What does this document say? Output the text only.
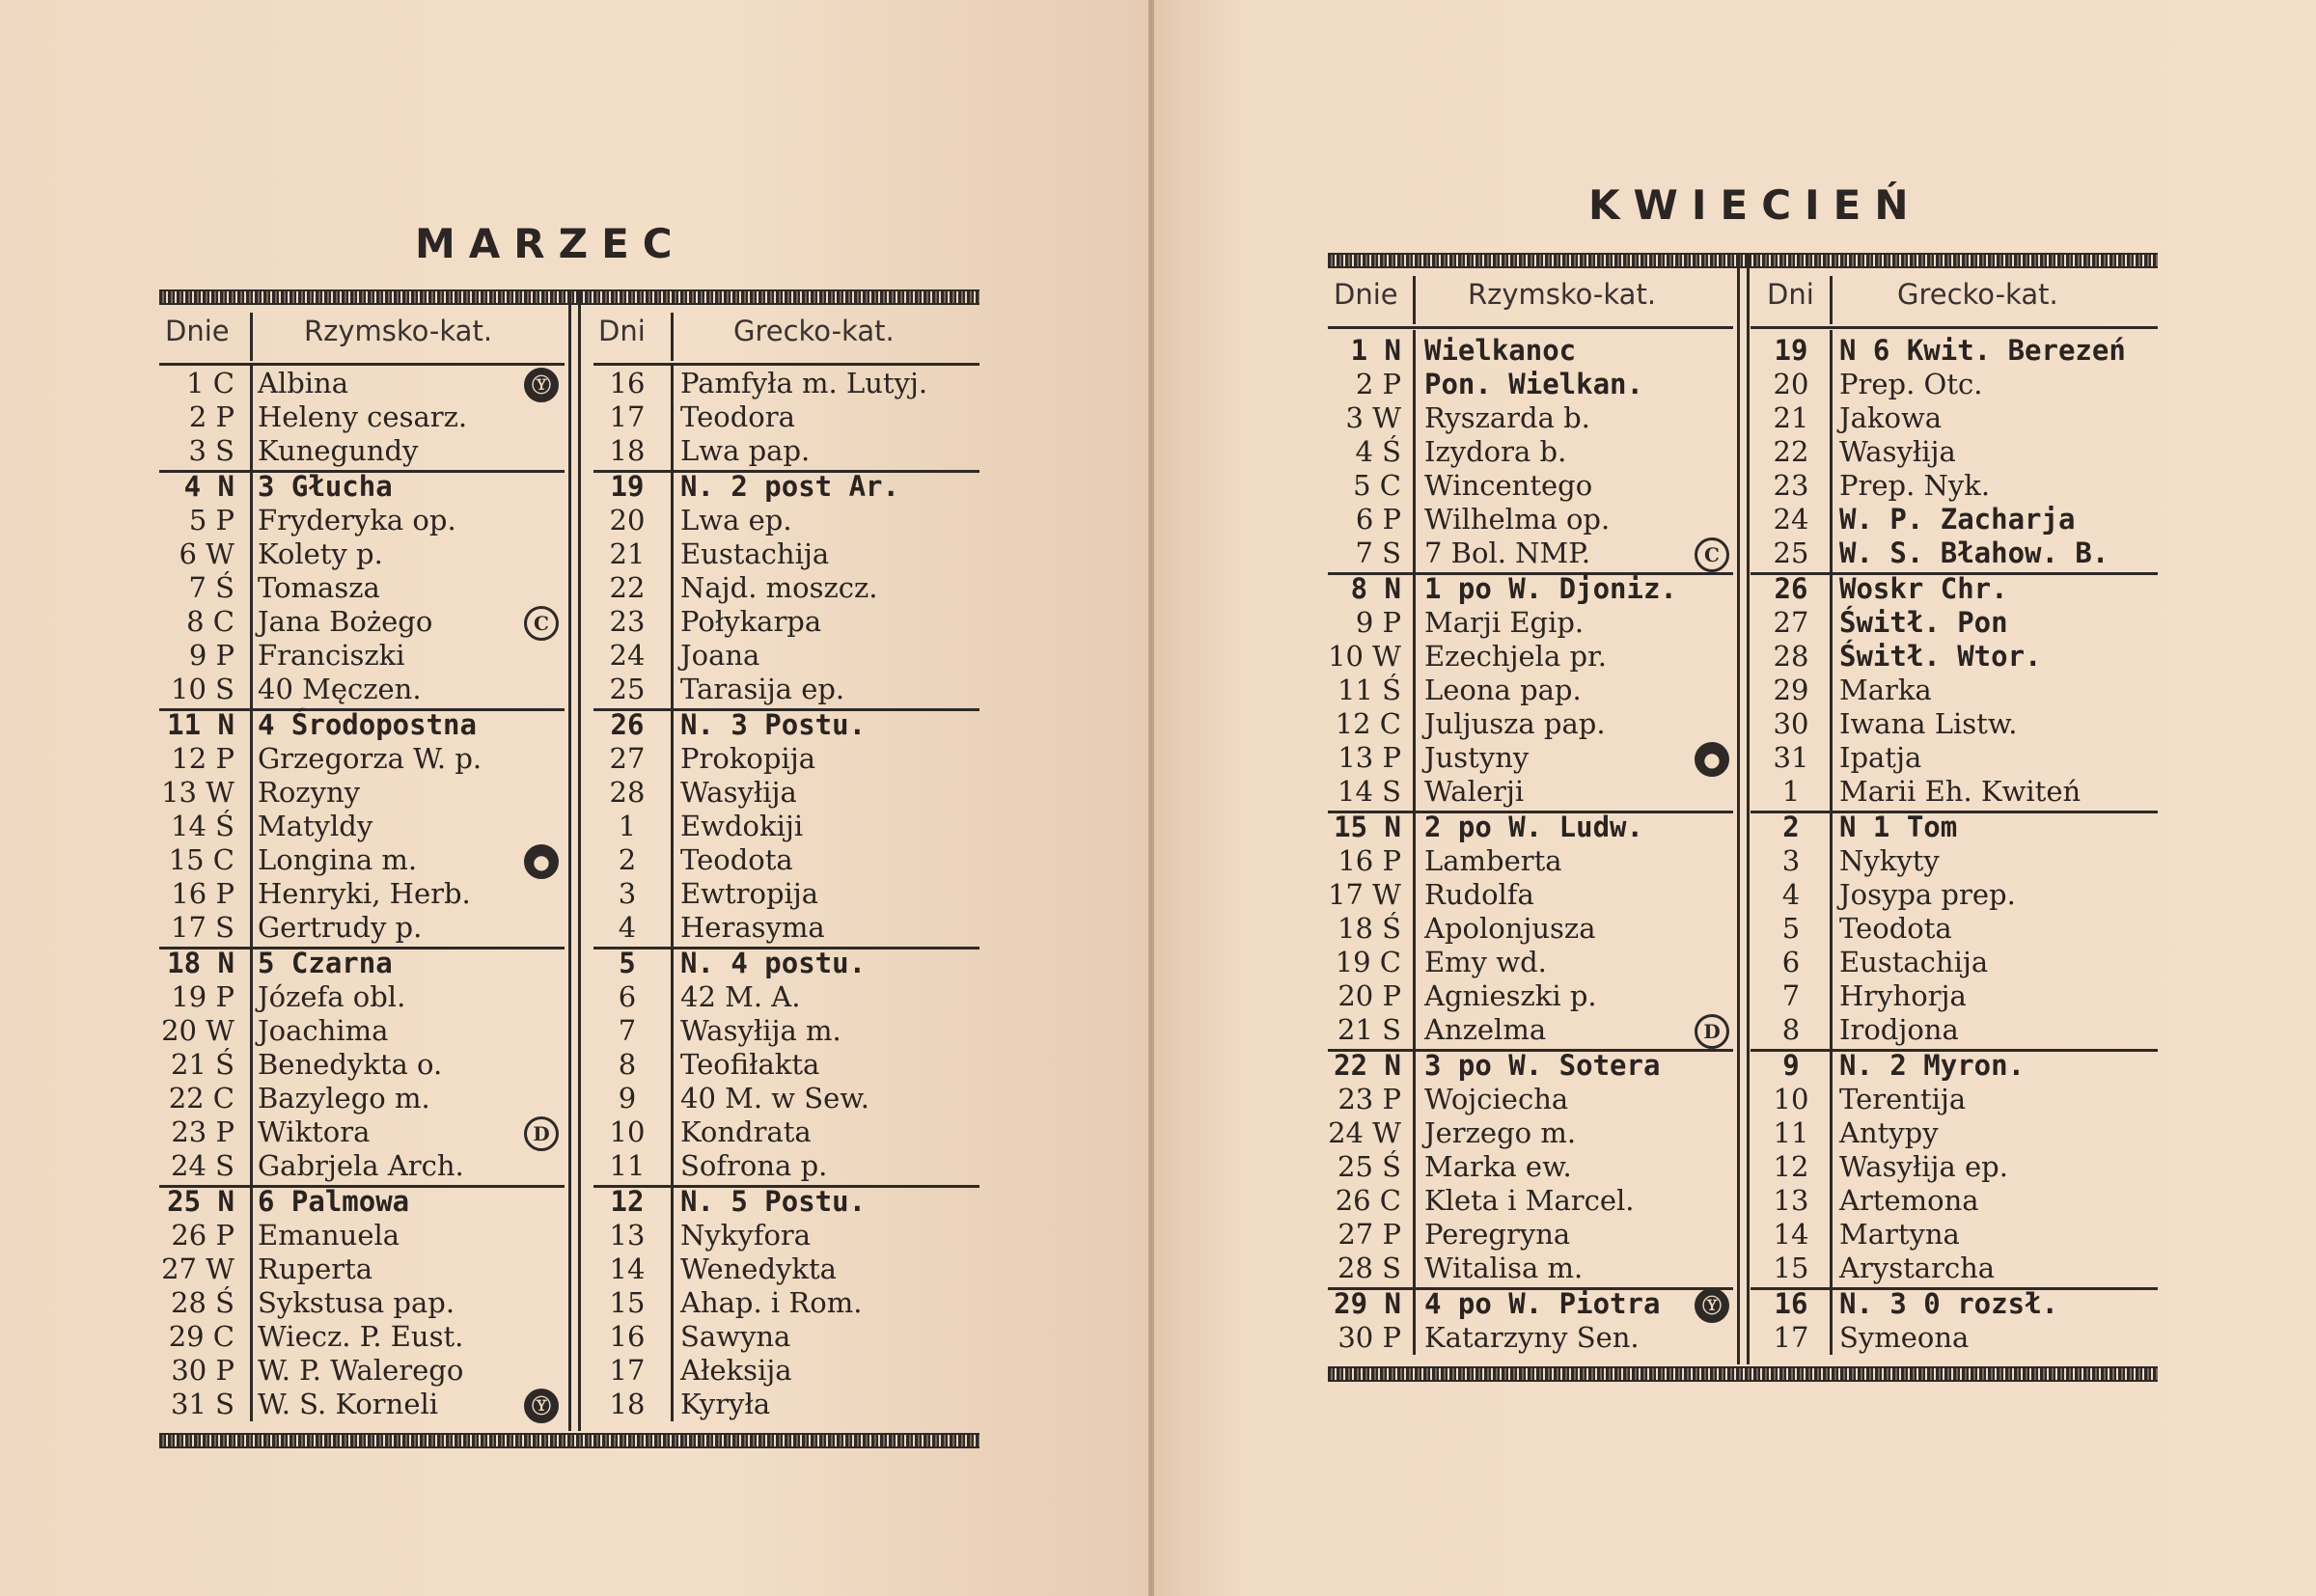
MARZEC
Dnie	Rzymsko-kat.	Dni	Grecko-kat.
1 C Albina	16	Pamfyła m. Lutyj.
Ⓨ
2 P Heleny cesarz.	17	Teodora
3 S Kunegundy	18	Lwa pap.
4 N 3 Głucha	19	N. 2 post Ar.
5 P Fryderyka op.	20	Lwa ep.
6 W Kolety p.	21	Eustachija
7 Ś Tomasza	22	Najd. moszcz.
8 C Jana Bożego	23	Połykarpa
C
9 P Franciszki	24	Joana
10 S 40 Męczen.	25	Tarasija ep.
11 N 4 Środopostna	26	N. 3 Postu.
12 P Grzegorza W. p.	27	Prokopija
13 W Rozyny	28	Wasyłija
14 Ś Matyldy	1	Ewdokiji
15 C Longina m.	2	Teodota
●
16 P Henryki, Herb.	3	Ewtropija
17 S Gertrudy p.	4	Herasyma
18 N 5 Czarna	5	N. 4 postu.
19 P Józefa obl.	6	42 M. A.
20 W Joachima	7	Wasyłija m.
21 Ś Benedykta o.	8	Teofiłakta
22 C Bazylego m.	9	40 M. w Sew.
23 P Wiktora	10	Kondrata
D
24 S Gabrjela Arch.	11	Sofrona p.
25 N 6 Palmowa	12	N. 5 Postu.
26 P Emanuela	13	Nykyfora
27 W Ruperta	14	Wenedykta
28 Ś Sykstusa pap.	15	Ahap. i Rom.
29 C Wiecz. P. Eust.	16	Sawyna
30 P W. P. Walerego	17	Ałeksija
31 S W. S. Korneli	18	Kyryła
Ⓨ
KWIECIEŃ
Dnie Rzymsko-kat.	Dni	Grecko-kat.
1 N Wielkanoc	19	N 6 Kwit. Berezeń
2 P Pon. Wielkan.	20	Prep. Otc.
3 W Ryszarda b.	21	Jakowa
4 Ś Izydora b.	22	Wasyłija
5 C Wincentego	23	Prep. Nyk.
6 P Wilhelma op.	24	W. P. Zacharja
7 S 7 Bol. NMP.	25	W. S. Błahow. B.
C
8 N 1 po W. Djoniz.	26	Woskr Chr.
9 P Marji Egip.	27	Świtł. Pon
10 W Ezechjela pr.	28	Świtł. Wtor.
11 Ś Leona pap.	29	Marka
12 C Juljusza pap.	30	Iwana Listw.
13 P Justyny	31	Ipatja
●
14 S Walerji	1	Marii Eh. Kwiteń
15 N 2 po W. Ludw.	2	N 1 Tom
16 P Lamberta	3	Nykyty
17 W Rudolfa	4	Josypa prep.
18 Ś Apolonjusza	5	Teodota
19 C Emy wd.	6	Eustachija
20 P Agnieszki p.	7	Hryhorja
21 S Anzelma	8	Irodjona
D
22 N 3 po W. Sotera	9	N. 2 Myron.
23 P Wojciecha	10	Terentija
24 W Jerzego m.	11	Antypy
25 Ś Marka ew.	12	Wasyłija ep.
26 C Kleta i Marcel.	13	Artemona
27 P Peregryna	14	Martyna
28 S Witalisa m.	15	Arystarcha
29 N 4 po W. Piotra	16	N. 3 0 rozsł.
Ⓨ
30 P Katarzyny Sen.	17	Symeona
